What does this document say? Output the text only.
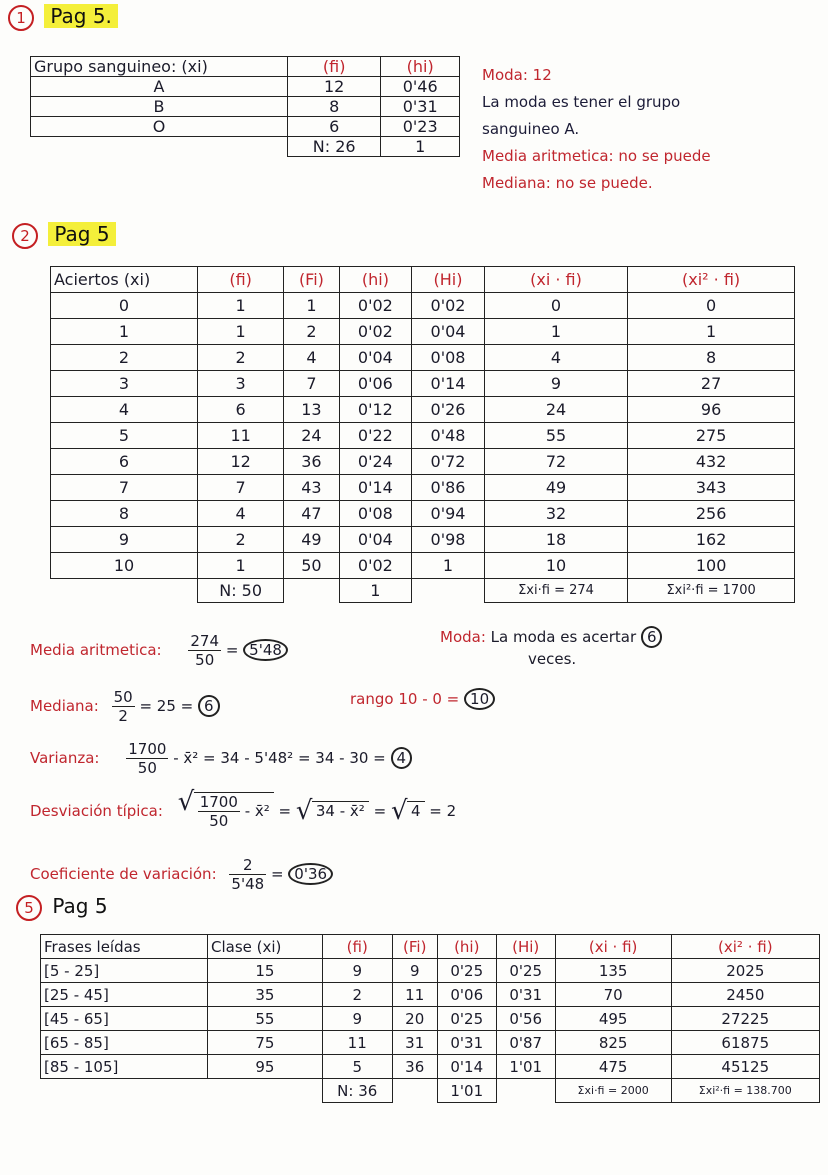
1 Pag 5.
Grupo sanguineo: (xi)	(fi)	(hi)
A	12	0'46
B	8	0'31
O	6	0'23
	N: 26	1
Moda: 12
La moda es tener el grupo
sanguineo A.
Media aritmetica: no se puede
Mediana: no se puede.
2 Pag 5
Aciertos (xi)	(fi)	(Fi)	(hi)	(Hi)	(xi · fi)	(xi² · fi)
0	1	1	0'02	0'02	0	0
1	1	2	0'02	0'04	1	1
2	2	4	0'04	0'08	4	8
3	3	7	0'06	0'14	9	27
4	6	13	0'12	0'26	24	96
5	11	24	0'22	0'48	55	275
6	12	36	0'24	0'72	72	432
7	7	43	0'14	0'86	49	343
8	4	47	0'08	0'94	32	256
9	2	49	0'04	0'98	18	162
10	1	50	0'02	1	10	100
	N: 50		1		Σxi·fi = 274	Σxi²·fi = 1700
Media aritmetica: $\frac{274}{50} = 5'48$
Moda: La moda es acertar 6
veces.
Mediana: $\frac{50}{2} = 25 = 6$	rango 10 - 0 = 10
Varianza: $\frac{1700}{50}$ - x̄² = 34 - 5'48² = 34 - 30 = 4
Desviación típica: √ $\frac{1700}{50}$ - x̄² = √ 34 - x̄² = √ 4 = 2
Coeficiente de variación: $\frac{2}{5'48} = 0'36$
5 Pag 5
Frases leídas	Clase (xi)	(fi)	(Fi)	(hi)	(Hi)	(xi · fi)	(xi² · fi)
[5 - 25]	15	9	9	0'25	0'25	135	2025
[25 - 45]	35	2	11	0'06	0'31	70	2450
[45 - 65]	55	9	20	0'25	0'56	495	27225
[65 - 85]	75	11	31	0'31	0'87	825	61875
[85 - 105]	95	5	36	0'14	1'01	475	45125
		N: 36		1'01		Σxi·fi = 2000	Σxi²·fi = 138.700
